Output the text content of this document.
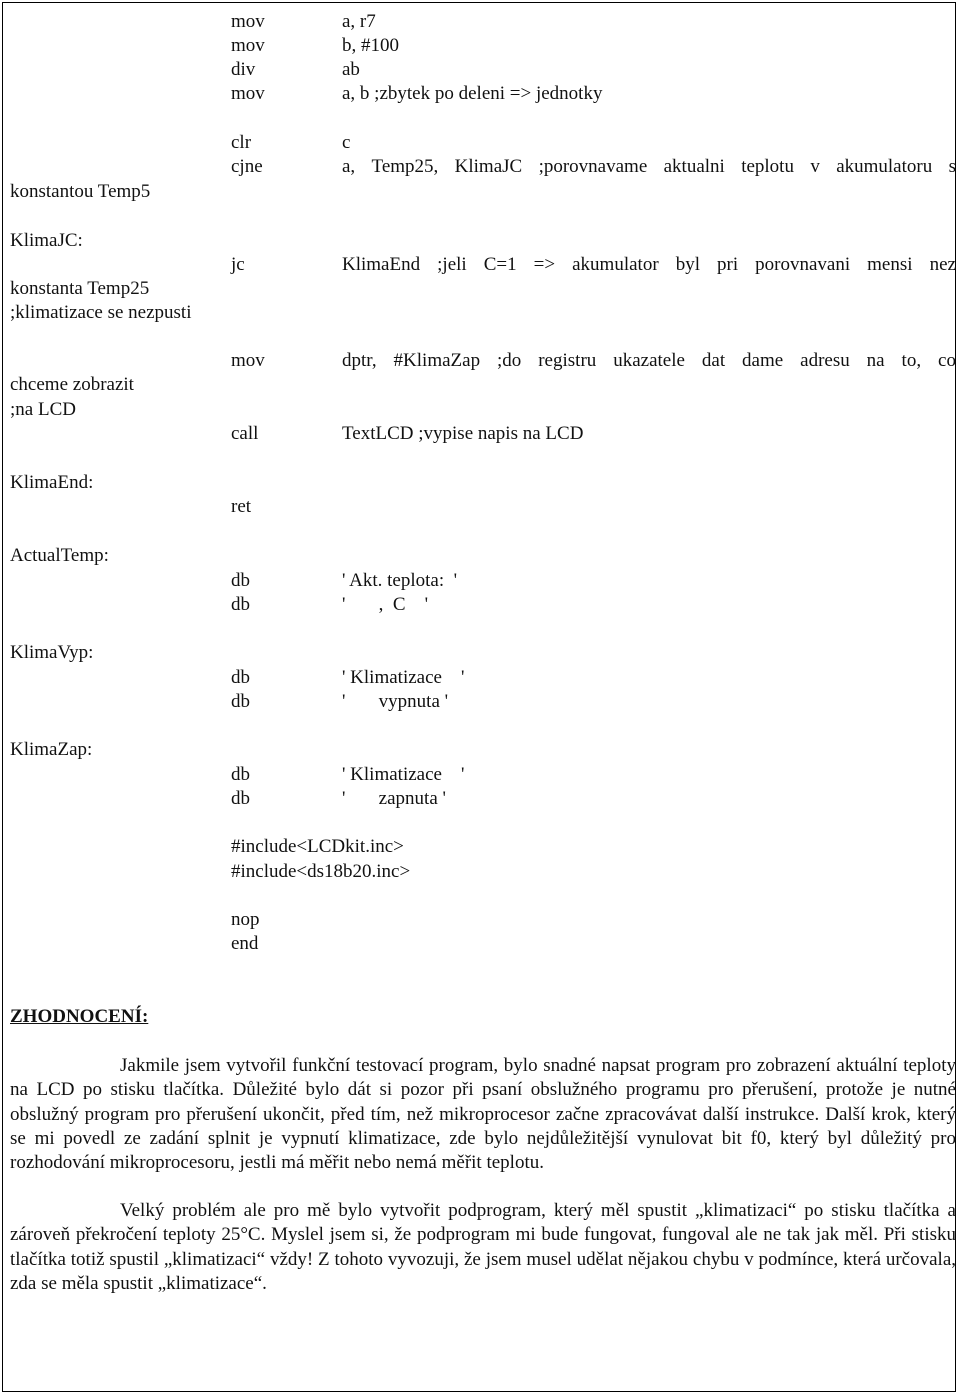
mov	a, r7
mov	b, #100
div	ab
mov	a, b ;zbytek po deleni => jednotky
clr	c
cjne	a, Temp25, KlimaJC ;porovnavame aktualni teplotu v akumulatoru s
konstantou Temp5
KlimaJC:
jc	KlimaEnd ;jeli C=1 => akumulator byl pri porovnavani mensi nez
konstanta Temp25
;klimatizace se nezpusti
mov	dptr, #KlimaZap ;do registru ukazatele dat dame adresu na to, co
chceme zobrazit
;na LCD
call	TextLCD ;vypise napis na LCD
KlimaEnd:
ret
ActualTemp:
db	' Akt. teplota:  '
db	'       ,  C    '
KlimaVyp:
db	' Klimatizace    '
db	'       vypnuta '
KlimaZap:
db	' Klimatizace    '
db	'       zapnuta '
#include<LCDkit.inc>
#include<ds18b20.inc>
nop
end
ZHODNOCENÍ:

Jakmile jsem vytvořil funkční testovací program, bylo snadné napsat program pro zobrazení aktuální teploty na LCD po stisku tlačítka. Důležité bylo dát si pozor při psaní obslužného programu pro přerušení, protože je nutné obslužný program pro přerušení ukončit, před tím, než mikroprocesor začne zpracovávat další instrukce. Další krok, který se mi povedl ze zadání splnit je vypnutí klimatizace, zde bylo nejdůležitější vynulovat bit f0, který byl důležitý pro rozhodování mikroprocesoru, jestli má měřit nebo nemá měřit teplotu.

Velký problém ale pro mě bylo vytvořit podprogram, který měl spustit „klimatizaci“ po stisku tlačítka a zároveň překročení teploty 25°C. Myslel jsem si, že podprogram mi bude fungovat, fungoval ale ne tak jak měl. Při stisku tlačítka totiž spustil „klimatizaci“ vždy! Z tohoto vyvozuji, že jsem musel udělat nějakou chybu v podmínce, která určovala, zda se měla spustit „klimatizace“.
